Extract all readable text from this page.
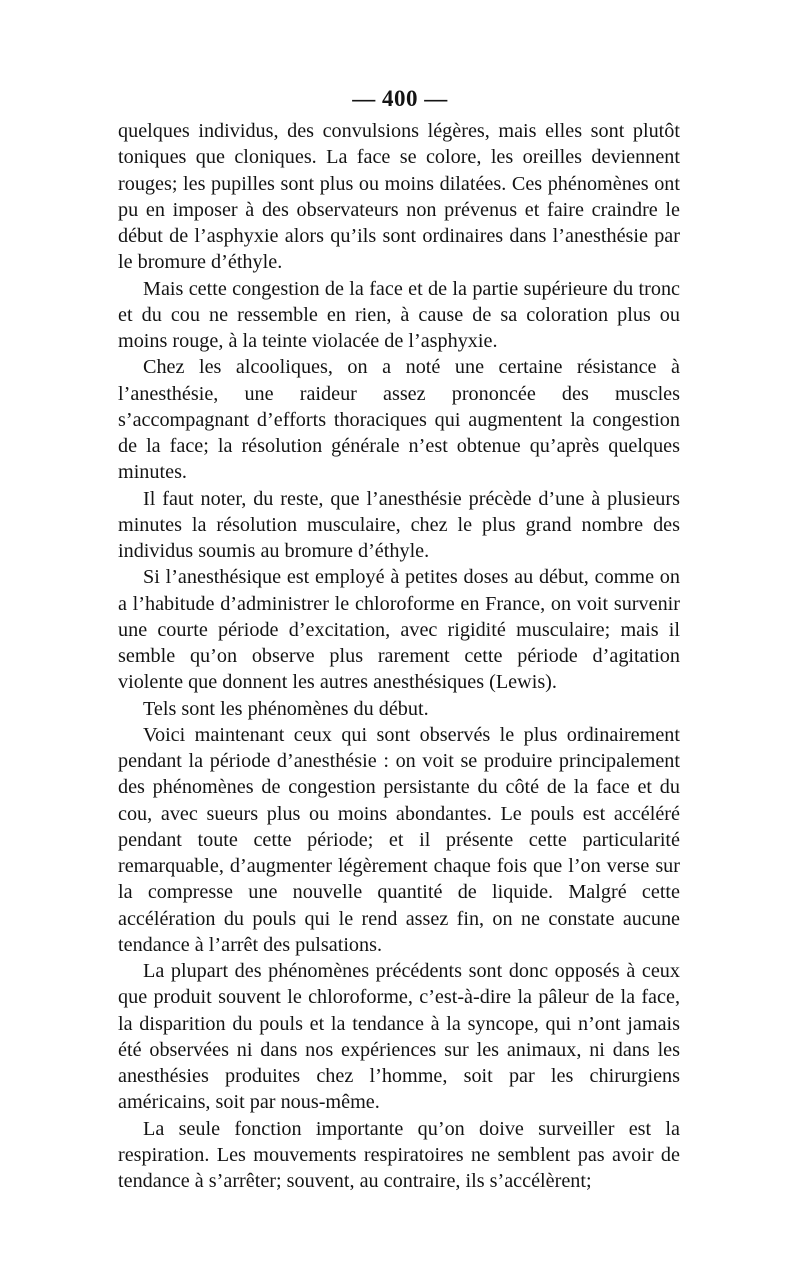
— 400 —

quelques individus, des convulsions légères, mais elles sont plutôt toniques que cloniques. La face se colore, les oreilles deviennent rouges; les pupilles sont plus ou moins dilatées. Ces phénomènes ont pu en imposer à des observateurs non prévenus et faire craindre le début de l’asphyxie alors qu’ils sont ordinaires dans l’anesthésie par le bromure d’éthyle.

Mais cette congestion de la face et de la partie supérieure du tronc et du cou ne ressemble en rien, à cause de sa coloration plus ou moins rouge, à la teinte violacée de l’asphyxie.

Chez les alcooliques, on a noté une certaine résistance à l’anesthésie, une raideur assez prononcée des muscles s’accompagnant d’efforts thoraciques qui augmentent la congestion de la face; la résolution générale n’est obtenue qu’après quelques minutes.

Il faut noter, du reste, que l’anesthésie précède d’une à plusieurs minutes la résolution musculaire, chez le plus grand nombre des individus soumis au bromure d’éthyle.

Si l’anesthésique est employé à petites doses au début, comme on a l’habitude d’administrer le chloroforme en France, on voit survenir une courte période d’excitation, avec rigidité musculaire; mais il semble qu’on observe plus rarement cette période d’agitation violente que donnent les autres anesthésiques (Lewis).

Tels sont les phénomènes du début.

Voici maintenant ceux qui sont observés le plus ordinairement pendant la période d’anesthésie : on voit se produire principalement des phénomènes de congestion persistante du côté de la face et du cou, avec sueurs plus ou moins abondantes. Le pouls est accéléré pendant toute cette période; et il présente cette particularité remarquable, d’augmenter légèrement chaque fois que l’on verse sur la compresse une nouvelle quantité de liquide. Malgré cette accélération du pouls qui le rend assez fin, on ne constate aucune tendance à l’arrêt des pulsations.

La plupart des phénomènes précédents sont donc opposés à ceux que produit souvent le chloroforme, c’est-à-dire la pâleur de la face, la disparition du pouls et la tendance à la syncope, qui n’ont jamais été observées ni dans nos expériences sur les animaux, ni dans les anesthésies produites chez l’homme, soit par les chirurgiens américains, soit par nous-même.

La seule fonction importante qu’on doive surveiller est la respiration. Les mouvements respiratoires ne semblent pas avoir de tendance à s’arrêter; souvent, au contraire, ils s’accélèrent;
